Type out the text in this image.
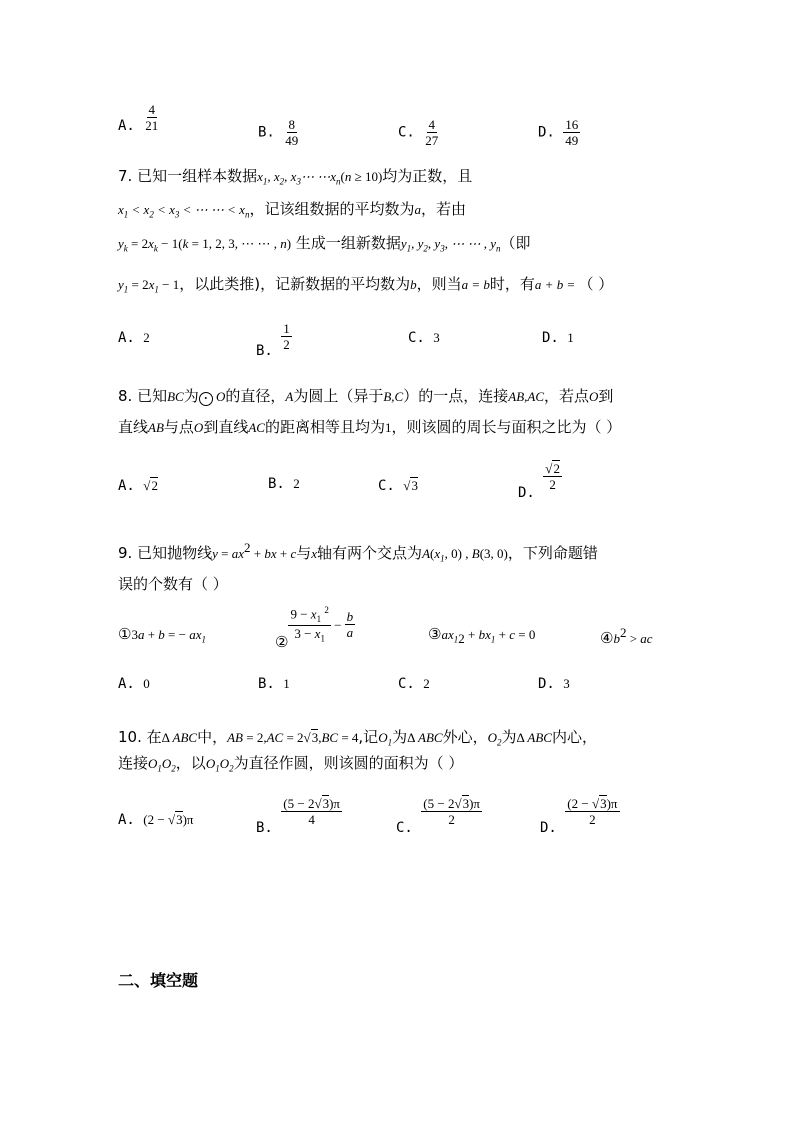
A. $\frac{4}{21}$
B. $\frac{8}{49}$	C. $\frac{4}{27}$	D. $\frac{16}{49}$
7. 已知一组样本数据$x_1$, $x_2$, $x_3\cdots$ $\cdots x_n(n \ge 10)$均为正数，且
$x_1 < x_2 < x_3$ < ⋯ ⋯ < $x_n$，记该组数据的平均数为a，若由
$y_k = 2x_k - 1(k = 1$, 2, 3, ⋯ ⋯ , n) 生成一组新数据$y_1$, $y_2$, $y_3$, ⋯ ⋯ , $y_n$（即
$y_1 = 2x_1 - 1$，以此类推)，记新数据的平均数为b，则当a = b时，有a + b = （ ）
A. 2
B. $\frac{1}{2}$	C. 3	D. 1
8. 已知BC为 • O的直径，A为圆上（异于B,C）的一点，连接AB,AC，若点O到
直线AB与点O到直线AC的距离相等且均为1，则该圆的周长与面积之比为（ ）
A. √2	B. 2	C. √3	D.
$\frac{√2}{2}$
9. 已知抛物线$y = ax^2$ + bx + c与x轴有两个交点为$A(x_1$, 0) , B(3, 0)，下列命题错
误的个数有（ ）
①3a + b = − $ax_1$	② $\frac{9 - x_1 ^2}{3 - x_1} - \frac{b}{a}$	$③ax_{12} + bx_1 + c = 0$	$④b^2$ > ac
A. 0	B. 1	C. 2	D. 3
10. 在Δ ABC中，AB = 2,AC = 2√3,BC = 4,记$O_1$为Δ ABC外心，$O_2$为Δ ABC内心，
连接$O_1O_2$，以$O_1O_2$为直径作圆，则该圆的面积为（ ）
A. (2 − √3)π	B.
$\frac{(5 - 2√3)\pi}{4}$
C.
$\frac{(5 - 2√3)\pi}{2}$
D.
$\frac{(2 - √3)\pi}{2}$
二、填空题
